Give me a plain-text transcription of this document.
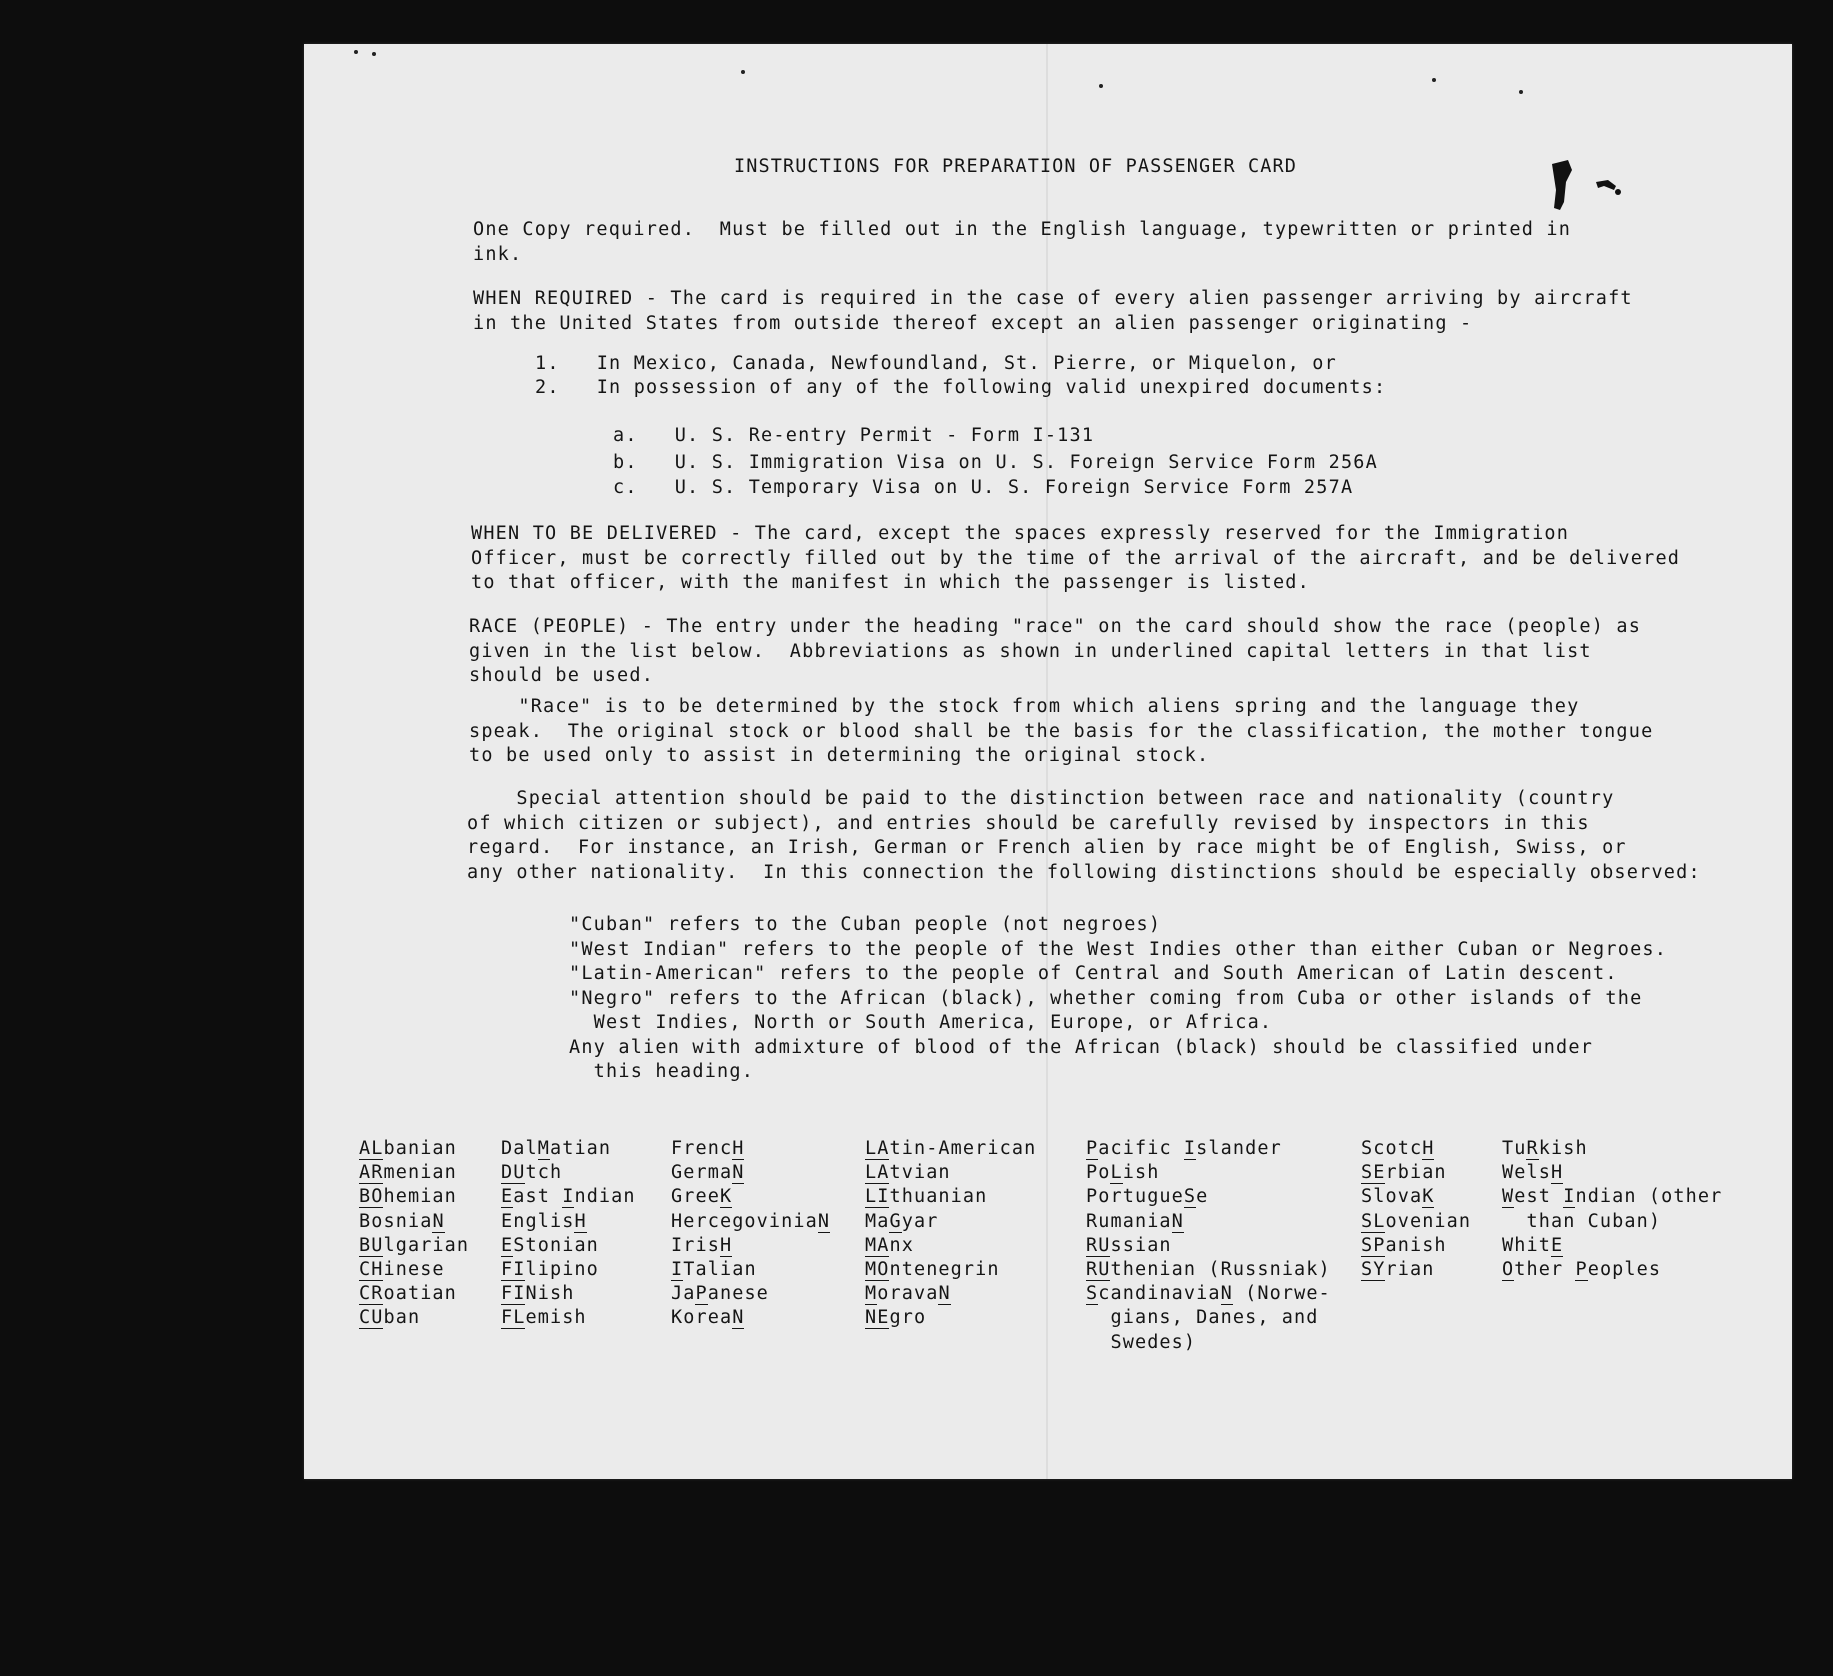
INSTRUCTIONS FOR PREPARATION OF PASSENGER CARD
One Copy required.  Must be filled out in the English language, typewritten or printed in
ink.
WHEN REQUIRED - The card is required in the case of every alien passenger arriving by aircraft
in the United States from outside thereof except an alien passenger originating -
1.   In Mexico, Canada, Newfoundland, St. Pierre, or Miquelon, or
2.   In possession of any of the following valid unexpired documents:
a.   U. S. Re-entry Permit - Form I-131
b.   U. S. Immigration Visa on U. S. Foreign Service Form 256A
c.   U. S. Temporary Visa on U. S. Foreign Service Form 257A
WHEN TO BE DELIVERED - The card, except the spaces expressly reserved for the Immigration
Officer, must be correctly filled out by the time of the arrival of the aircraft, and be delivered
to that officer, with the manifest in which the passenger is listed.
RACE (PEOPLE) - The entry under the heading "race" on the card should show the race (people) as
given in the list below.  Abbreviations as shown in underlined capital letters in that list
should be used.
"Race" is to be determined by the stock from which aliens spring and the language they
speak.  The original stock or blood shall be the basis for the classification, the mother tongue
to be used only to assist in determining the original stock.
Special attention should be paid to the distinction between race and nationality (country
of which citizen or subject), and entries should be carefully revised by inspectors in this
regard.  For instance, an Irish, German or French alien by race might be of English, Swiss, or
any other nationality.  In this connection the following distinctions should be especially observed:
"Cuban" refers to the Cuban people (not negroes)
"West Indian" refers to the people of the West Indies other than either Cuban or Negroes.
"Latin-American" refers to the people of Central and South American of Latin descent.
"Negro" refers to the African (black), whether coming from Cuba or other islands of the
West Indies, North or South America, Europe, or Africa.
Any alien with admixture of blood of the African (black) should be classified under
this heading.
ALbanian
ARmenian
BOhemian
BosniaN
BUlgarian
CHinese
CRoatian
CUban
DalMatian
DUtch
East Indian
EnglisH
EStonian
FIlipino
FINish
FLemish
FrencH
GermaN
GreeK
HercegoviniaN
IrisH
ITalian
JaPanese
KoreaN
LAtin-American
LAtvian
LIthuanian
MaGyar
MAnx
MOntenegrin
MoravaN
NEgro
Pacific Islander
PoLish
PortugueSe
RumaniaN
RUssian
RUthenian (Russniak)
ScandinaviaN (Norwe-
gians, Danes, and
Swedes)
ScotcH
SErbian
SlovaK
SLovenian
SPanish
SYrian
TuRkish
WelsH
West Indian (other
than Cuban)
WhitE
Other Peoples
